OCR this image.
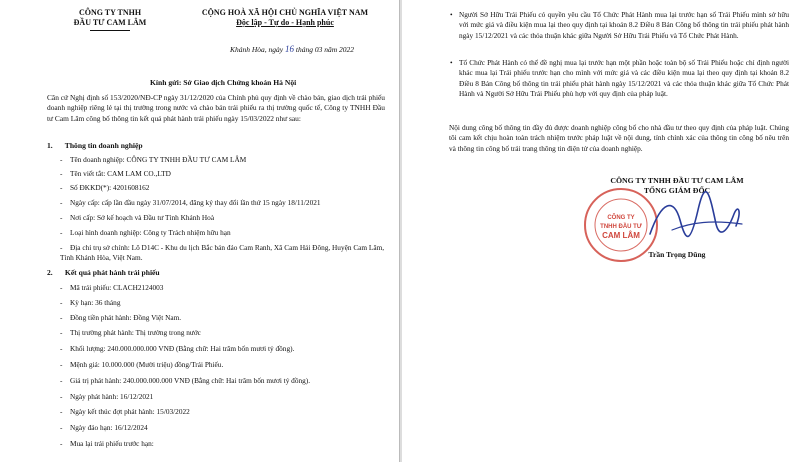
CÔNG TY TNHH
ĐẦU TƯ CAM LÂM
CỘNG HOÀ XÃ HỘI CHỦ NGHĨA VIỆT NAM
Độc lập - Tự do - Hạnh phúc
Khánh Hòa, ngày 16 tháng 03 năm 2022
Kính gửi: Sở Giao dịch Chứng khoán Hà Nội
Căn cứ Nghị định số 153/2020/NĐ-CP ngày 31/12/2020 của Chính phủ quy định về chào bán, giao dịch trái phiếu doanh nghiệp riêng lẻ tại thị trường trong nước và chào bán trái phiếu ra thị trường quốc tế, Công ty TNHH Đầu tư Cam Lâm công bố thông tin kết quả phát hành trái phiếu ngày 15/03/2022 như sau:
1. Thông tin doanh nghiệp
- Tên doanh nghiệp: CÔNG TY TNHH ĐẦU TƯ CAM LÂM
- Tên viết tắt: CAM LAM CO.,LTD
- Số ĐKKD(*): 4201608162
- Ngày cấp: cấp lần đầu ngày 31/07/2014, đăng ký thay đổi lần thứ 15 ngày 18/11/2021
- Nơi cấp: Sở kế hoạch và Đầu tư Tỉnh Khánh Hoà
- Loại hình doanh nghiệp: Công ty Trách nhiệm hữu hạn
- Địa chỉ trụ sở chính: Lô D14C - Khu du lịch Bắc bán đảo Cam Ranh, Xã Cam Hải Đông, Huyện Cam Lâm, Tỉnh Khánh Hòa, Việt Nam.
2. Kết quả phát hành trái phiếu
- Mã trái phiếu: CLACH2124003
- Kỳ hạn: 36 tháng
- Đồng tiền phát hành: Đồng Việt Nam.
- Thị trường phát hành: Thị trường trong nước
- Khối lượng: 240.000.000.000 VNĐ (Bằng chữ: Hai trăm bốn mươi tỷ đồng).
- Mệnh giá: 10.000.000 (Mười triệu) đồng/Trái Phiếu.
- Giá trị phát hành: 240.000.000.000 VNĐ (Bằng chữ: Hai trăm bốn mươi tỷ đồng).
- Ngày phát hành: 16/12/2021
- Ngày kết thúc đợt phát hành: 15/03/2022
- Ngày đáo hạn: 16/12/2024
- Mua lại trái phiếu trước hạn:
• Người Sở Hữu Trái Phiếu có quyền yêu cầu Tổ Chức Phát Hành mua lại trước hạn số Trái Phiếu mình sở hữu với mức giá và điều kiện mua lại theo quy định tại khoản 8.2 Điều 8 Bản Công bố thông tin trái phiếu phát hành ngày 15/12/2021 và các thỏa thuận khác giữa Người Sở Hữu Trái Phiếu và Tổ Chức Phát Hành.
• Tổ Chức Phát Hành có thể đề nghị mua lại trước hạn một phần hoặc toàn bộ số Trái Phiếu hoặc chỉ định người khác mua lại Trái phiếu trước hạn cho mình với mức giá và các điều kiện mua lại theo quy định tại khoản 8.2 Điều 8 Bản Công bố thông tin trái phiếu phát hành ngày 15/12/2021 và các thỏa thuận khác giữa Tổ Chức Phát Hành và Người Sở Hữu Trái Phiếu phù hợp với quy định của pháp luật.
Nội dung công bố thông tin đầy đủ được doanh nghiệp công bố cho nhà đầu tư theo quy định của pháp luật. Chúng tôi cam kết chịu hoàn toàn trách nhiệm trước pháp luật về nội dung, tính chính xác của thông tin công bố nêu trên và thông tin công bố trái trang thông tin điện tử của doanh nghiệp.
CÔNG TY TNHH ĐẦU TƯ CAM LÂM
TỔNG GIÁM ĐỐC
CÔNG TY
TNHH ĐẦU TƯ
CAM LÂM
Trần Trọng Dũng
